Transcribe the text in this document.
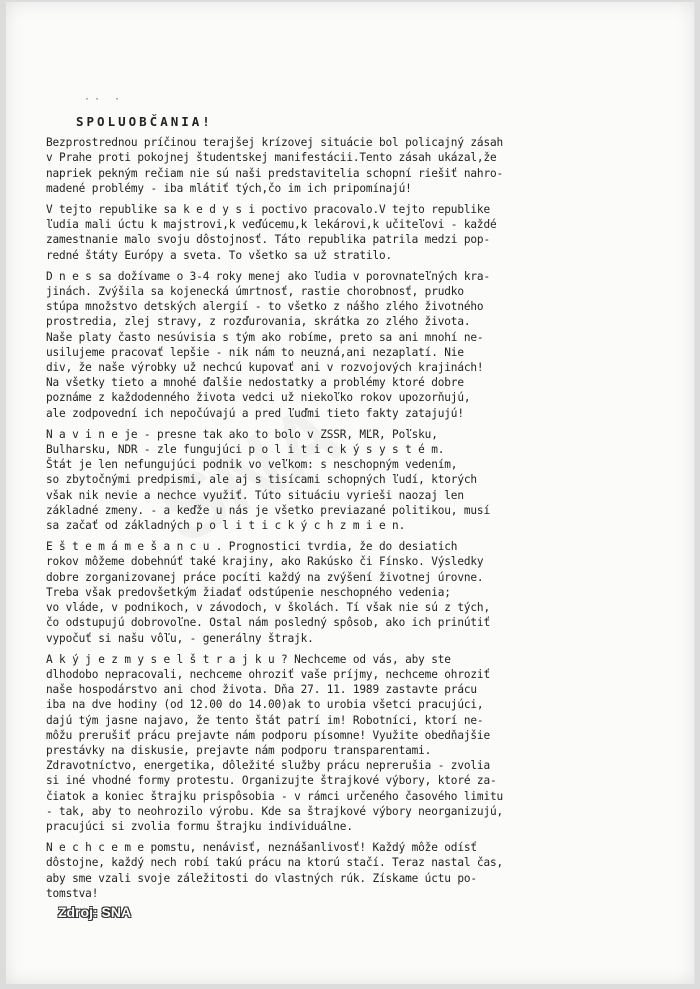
·· ·
SPOLUOBČANIA!
Bezprostrednou príčinou terajšej krízovej situácie bol policajný zásah
v Prahe proti pokojnej študentskej manifestácii.Tento zásah ukázal,že
napriek pekným rečiam nie sú naši predstavitelia schopní riešiť nahro-
madené problémy - iba mlátiť tých,čo im ich pripomínajú!
V tejto republike sa k e d y s i poctivo pracovalo.V tejto republike
ľudia mali úctu k majstrovi,k veďúcemu,k lekárovi,k učiteľovi - každé
zamestnanie malo svoju dôstojnosť. Táto republika patrila medzi pop-
redné štáty Európy a sveta. To všetko sa už stratilo.
D n e s sa dožívame o 3-4 roky menej ako ľudia v porovnateľných kra-
jinách. Zvýšila sa kojenecká úmrtnosť, rastie chorobnosť, prudko
stúpa množstvo detských alergií - to všetko z nášho zlého životného
prostredia, zlej stravy, z rozďurovania, skrátka zo zlého života.
Naše platy často nesúvisia s tým ako robíme, preto sa ani mnohí ne-
usilujeme pracovať lepšie - nik nám to neuzná,ani nezaplatí. Nie
div, že naše výrobky už nechcú kupovať ani v rozvojových krajinách!
Na všetky tieto a mnohé ďalšie nedostatky a problémy ktoré dobre
poznáme z každodenného života vedci už niekoľko rokov upozorňujú,
ale zodpovední ich nepočúvajú a pred ľuďmi tieto fakty zatajujú!
N a v i n e je - presne tak ako to bolo v ZSSR, MĽR, Poľsku,
Bulharsku, NDR - zle fungujúci p o l i t i c k ý s y s t é m.
Štát je len nefungujúci podnik vo veľkom: s neschopným vedením,
so zbytočnými predpismi, ale aj s tisícami schopných ľudí, ktorých
však nik nevie a nechce využiť. Túto situáciu vyrieši naozaj len
základné zmeny. - a keďže u nás je všetko previazané politikou, musí
sa začať od základných p o l i t i c k ý c h z m i e n.
E š t e m á m e š a n c u . Prognostici tvrdia, že do desiatich
rokov môžeme dobehnúť také krajiny, ako Rakúsko či Fínsko. Výsledky
dobre zorganizovanej práce pocíti každý na zvýšení životnej úrovne.
Treba však predovšetkým žiadať odstúpenie neschopného vedenia;
vo vláde, v podnikoch, v závodoch, v školách. Tí však nie sú z tých,
čo odstupujú dobrovoľne. Ostal nám posledný spôsob, ako ich prinútiť
vypočuť si našu vôľu, - generálny štrajk.
A k ý j e z m y s e l š t r a j k u ? Nechceme od vás, aby ste
dlhodobo nepracovali, nechceme ohroziť vaše príjmy, nechceme ohroziť
naše hospodárstvo ani chod života. Dňa 27. 11. 1989 zastavte prácu
iba na dve hodiny (od 12.00 do 14.00)ak to urobia všetci pracujúci,
dajú tým jasne najavo, že tento štát patrí im! Robotníci, ktorí ne-
môžu prerušiť prácu prejavte nám podporu písomne! Využite obedňajšie
prestávky na diskusie, prejavte nám podporu transparentami.
Zdravotníctvo, energetika, dôležité služby prácu neprerušia - zvolia
si iné vhodné formy protestu. Organizujte štrajkové výbory, ktoré za-
čiatok a koniec štrajku prispôsobia - v rámci určeného časového limitu
- tak, aby to neohrozilo výrobu. Kde sa štrajkové výbory neorganizujú,
pracujúci si zvolia formu štrajku individuálne.
N e c h c e m e pomstu, nenávisť, neznášanlivosť! Každý môže odísť
dôstojne, každý nech robí takú prácu na ktorú stačí. Teraz nastal čas,
aby sme vzali svoje záležitosti do vlastných rúk. Získame úctu po-
tomstva!
Zdroj: SNA
